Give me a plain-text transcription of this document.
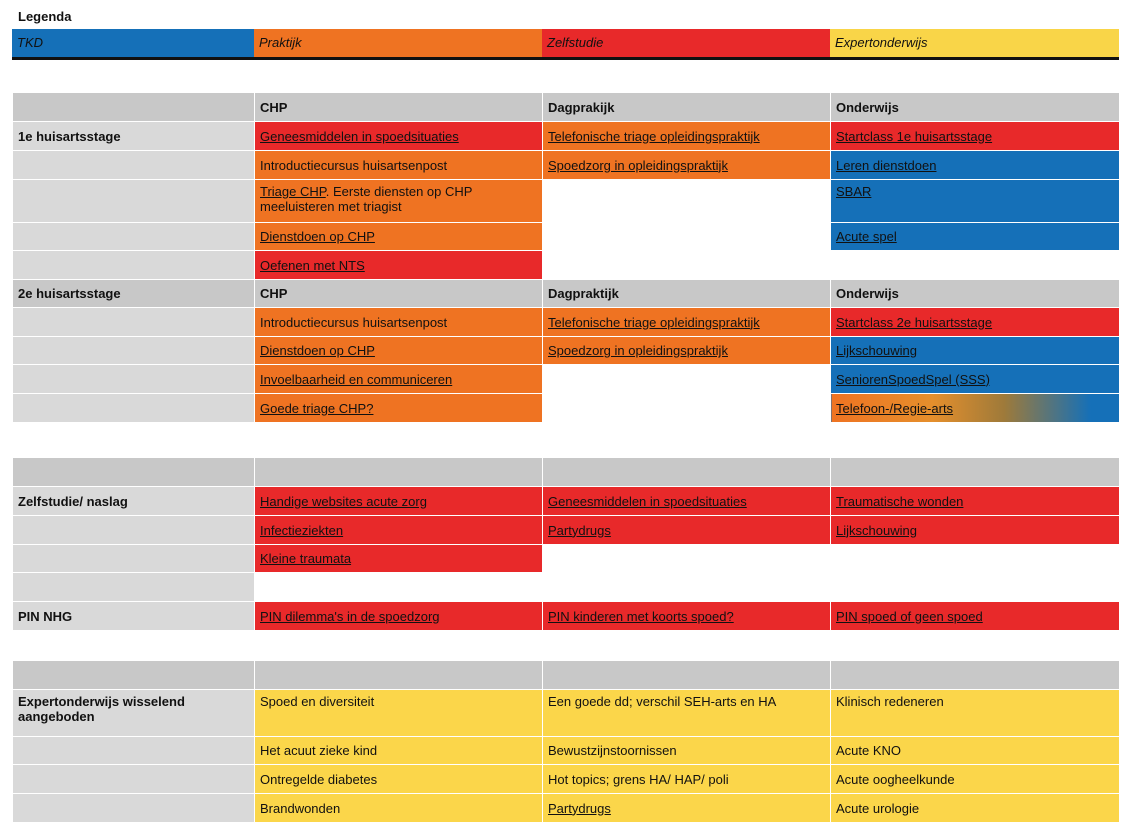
Legenda
TKD	Praktijk	Zelfstudie	Expertonderwijs
	CHP	Dagprakijk	Onderwijs
1e huisartsstage	Geneesmiddelen in spoedsituaties	Telefonische triage opleidingspraktijk	Startclass 1e huisartsstage
	Introductiecursus huisartsenpost	Spoedzorg in opleidingspraktijk	Leren dienstdoen
	Triage CHP. Eerste diensten op CHP meeluisteren met triagist		SBAR
	Dienstdoen op CHP		Acute spel
	Oefenen met NTS		
2e huisartsstage	CHP	Dagpraktijk	Onderwijs
	Introductiecursus huisartsenpost	Telefonische triage opleidingspraktijk	Startclass 2e huisartsstage
	Dienstdoen op CHP	Spoedzorg in opleidingspraktijk	Lijkschouwing
	Invoelbaarheid en communiceren		SeniorenSpoedSpel (SSS)
	Goede triage CHP?		Telefoon-/Regie-arts

Zelfstudie/ naslag	Handige websites acute zorg	Geneesmiddelen in spoedsituaties	Traumatische wonden
	Infectieziekten	Partydrugs	Lijkschouwing
	Kleine traumata		

PIN NHG	PIN dilemma's in de spoedzorg	PIN kinderen met koorts spoed?	PIN spoed of geen spoed

Expertonderwijs wisselend aangeboden	Spoed en diversiteit	Een goede dd; verschil SEH-arts en HA	Klinisch redeneren
	Het acuut zieke kind	Bewustzijnstoornissen	Acute KNO
	Ontregelde diabetes	Hot topics; grens HA/ HAP/ poli	Acute oogheelkunde
	Brandwonden	Partydrugs	Acute urologie
